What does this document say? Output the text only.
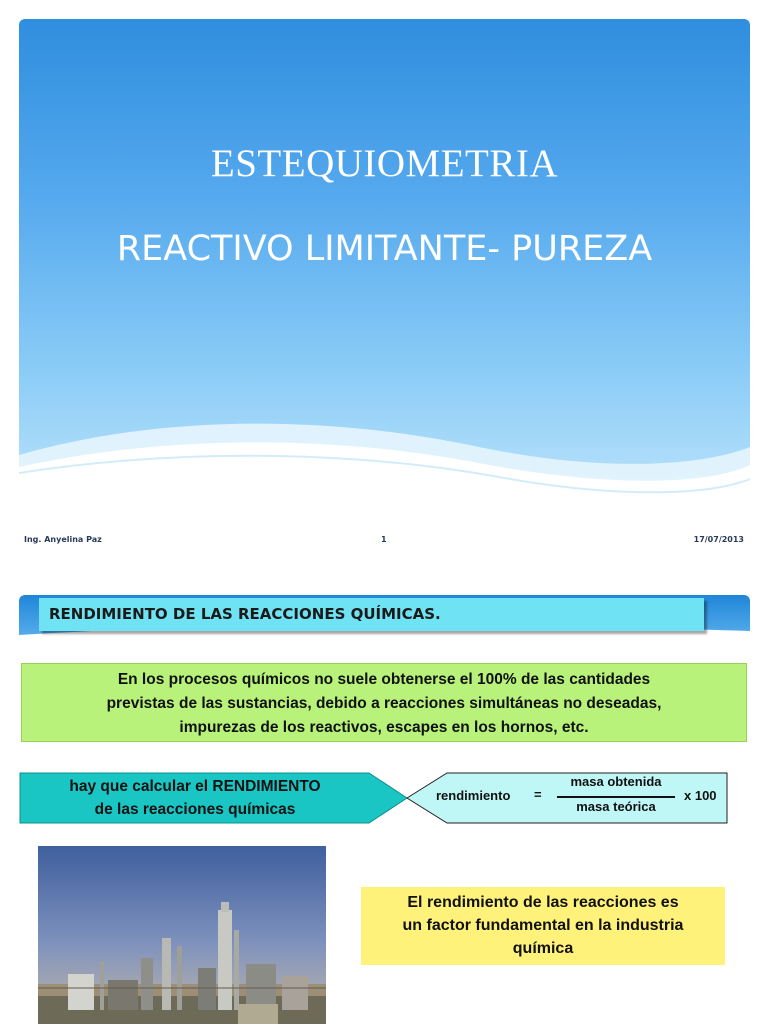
ESTEQUIOMETRIA
REACTIVO LIMITANTE- PUREZA
Ing. Anyelina Paz	1	17/07/2013
RENDIMIENTO DE LAS REACCIONES QUÍMICAS.
En los procesos químicos no suele obtenerse el 100% de las cantidades
previstas de las sustancias, debido a reacciones simultáneas no deseadas,
impurezas de los reactivos, escapes en los hornos, etc.
hay que calcular el RENDIMIENTO
de las reacciones químicas
rendimiento =
masa obtenida
masa teórica
x 100
El rendimiento de las reacciones es
un factor fundamental en la industria
química
